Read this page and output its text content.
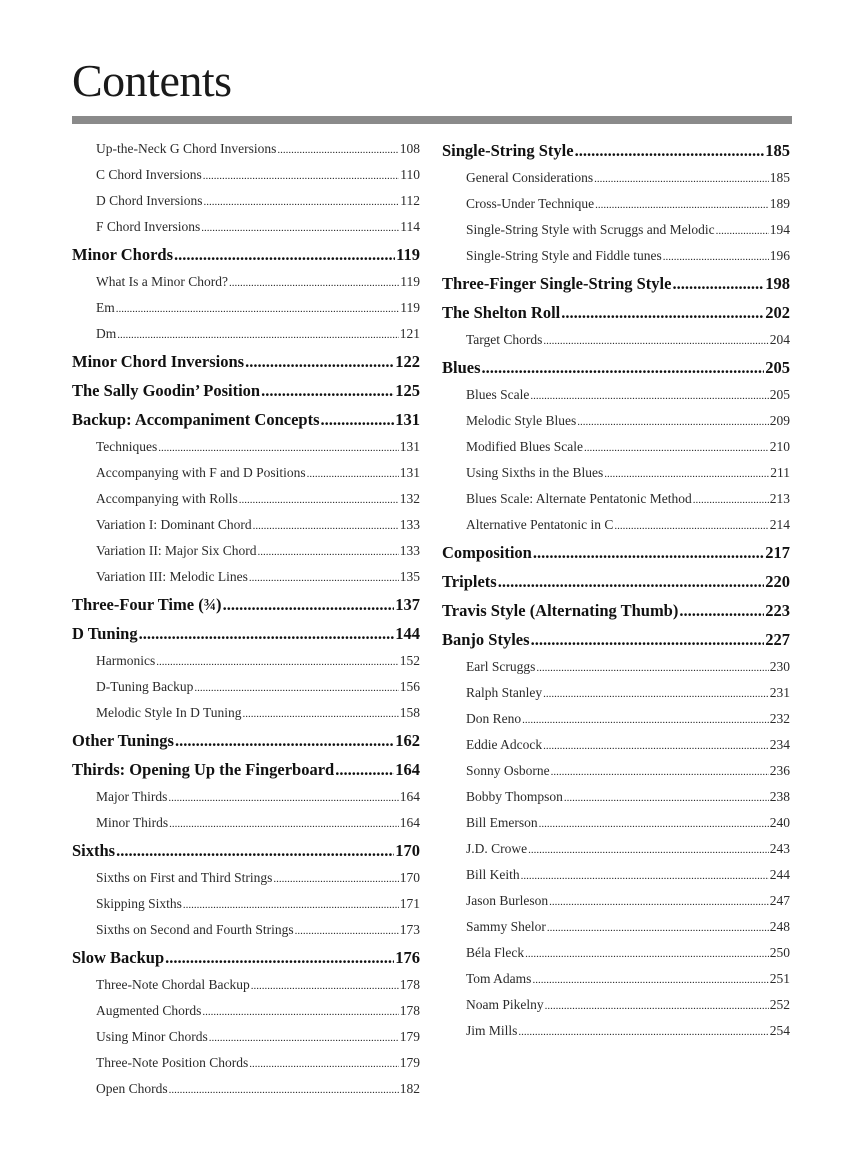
Contents
Up-the-Neck G Chord Inversions .....	108
C Chord Inversions .....	110
D Chord Inversions .....	112
F Chord Inversions .....	114
Minor Chords .....	119
What Is a Minor Chord? .....	119
Em .....	119
Dm .....	121
Minor Chord Inversions .....	122
The Sally Goodin’ Position .....	125
Backup: Accompaniment Concepts .....	131
Techniques .....	131
Accompanying with F and D Positions .....	131
Accompanying with Rolls .....	132
Variation I: Dominant Chord .....	133
Variation II: Major Six Chord .....	133
Variation III: Melodic Lines .....	135
Three-Four Time (¾) .....	137
D Tuning .....	144
Harmonics .....	152
D-Tuning Backup .....	156
Melodic Style In D Tuning .....	158
Other Tunings .....	162
Thirds: Opening Up the Fingerboard .....	164
Major Thirds .....	164
Minor Thirds .....	164
Sixths .....	170
Sixths on First and Third Strings .....	170
Skipping Sixths .....	171
Sixths on Second and Fourth Strings .....	173
Slow Backup .....	176
Three-Note Chordal Backup .....	178
Augmented Chords .....	178
Using Minor Chords .....	179
Three-Note Position Chords .....	179
Open Chords .....	182
Single-String Style .....	185
General Considerations .....	185
Cross-Under Technique .....	189
Single-String Style with Scruggs and Melodic .....	194
Single-String Style and Fiddle tunes .....	196
Three-Finger Single-String Style .....	198
The Shelton Roll .....	202
Target Chords .....	204
Blues .....	205
Blues Scale .....	205
Melodic Style Blues .....	209
Modified Blues Scale .....	210
Using Sixths in the Blues .....	211
Blues Scale: Alternate Pentatonic Method .....	213
Alternative Pentatonic in C .....	214
Composition .....	217
Triplets .....	220
Travis Style (Alternating Thumb) .....	223
Banjo Styles .....	227
Earl Scruggs .....	230
Ralph Stanley .....	231
Don Reno .....	232
Eddie Adcock .....	234
Sonny Osborne .....	236
Bobby Thompson .....	238
Bill Emerson .....	240
J.D. Crowe .....	243
Bill Keith .....	244
Jason Burleson .....	247
Sammy Shelor .....	248
Béla Fleck .....	250
Tom Adams .....	251
Noam Pikelny .....	252
Jim Mills .....	254
